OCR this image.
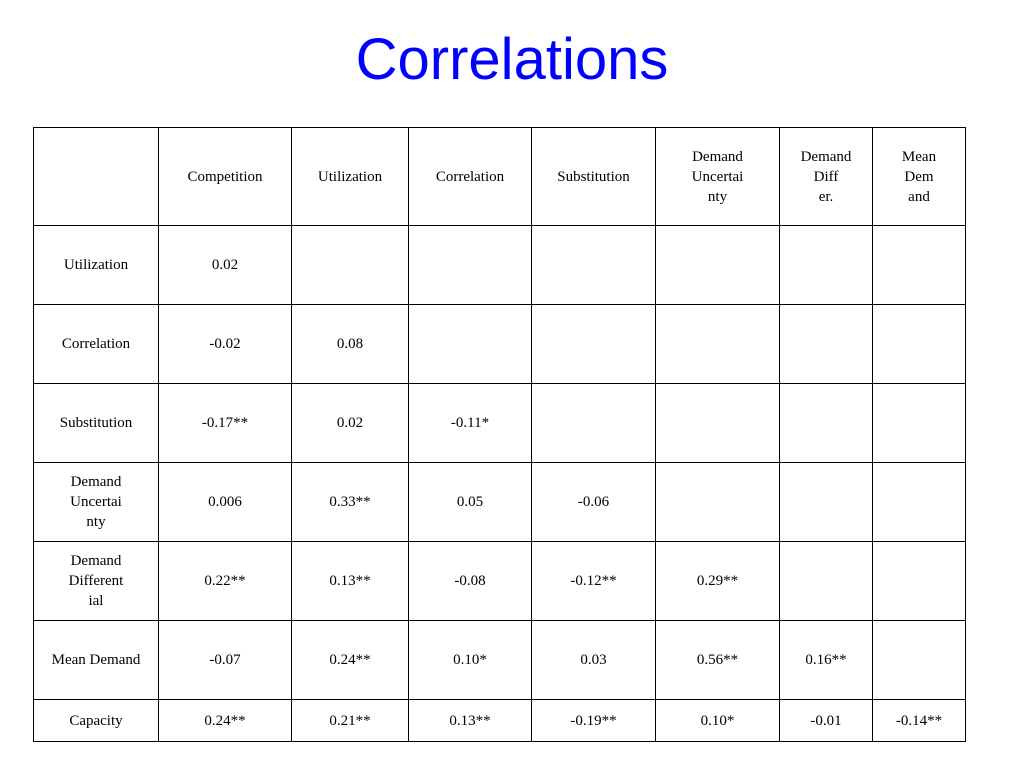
Correlations
	Competition	Utilization	Correlation	Substitution	Demand
Uncertai
nty	Demand
Diff
er.	Mean
Dem
and
Utilization	0.02						
Correlation	-0.02	0.08					
Substitution	-0.17**	0.02	-0.11*				
Demand
Uncertai
nty	0.006	0.33**	0.05	-0.06			
Demand
Different
ial	0.22**	0.13**	-0.08	-0.12**	0.29**		
Mean Demand	-0.07	0.24**	0.10*	0.03	0.56**	0.16**	
Capacity	0.24**	0.21**	0.13**	-0.19**	0.10*	-0.01	-0.14**
